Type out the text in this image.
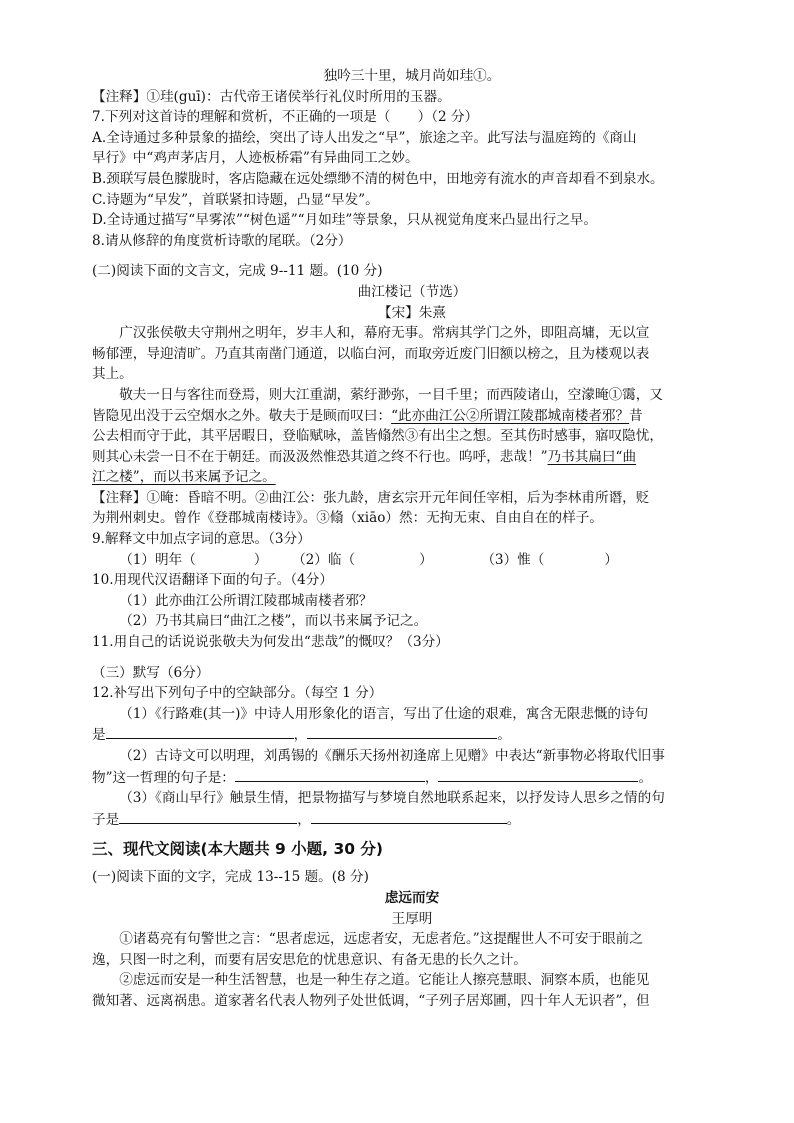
独吟三十里，城月尚如珪①。
【注释】①珪(guī)：古代帝王诸侯举行礼仪时所用的玉器。
7.下列对这首诗的理解和赏析，不正确的一项是（　　）（2 分）
A.全诗通过多种景象的描绘，突出了诗人出发之“早”，旅途之辛。此写法与温庭筠的《商山
早行》中“鸡声茅店月，人迹板桥霜”有异曲同工之妙。
B.颈联写晨色朦胧时，客店隐藏在远处缥缈不清的树色中，田地旁有流水的声音却看不到泉水。
C.诗题为“早发”，首联紧扣诗题，凸显“早发”。
D.全诗通过描写“早雾浓”“树色遥”“月如珪”等景象，只从视觉角度来凸显出行之早。
8.请从修辞的角度赏析诗歌的尾联。（2分）
(二)阅读下面的文言文，完成 9--11 题。(10 分)
曲江楼记（节选）
【宋】朱熹
广汉张侯敬夫守荆州之明年，岁丰人和，幕府无事。常病其学门之外，即阻高墉，无以宣
畅郁湮，导迎清旷。乃直其南凿门通道，以临白河，而取旁近废门旧额以榜之，且为楼观以表
其上。
敬夫一日与客往而登焉，则大江重湖，萦纡渺弥，一目千里；而西陵诸山，空濛晻①霭，又
皆隐见出没于云空烟水之外。敬夫于是顾而叹曰：“此亦曲江公②所谓江陵郡城南楼者邪？昔
公去相而守于此，其平居暇日，登临赋咏，盖皆翛然③有出尘之想。至其伤时感事，寤叹隐忧，
则其心未尝一日不在于朝廷。而汲汲然惟恐其道之终不行也。呜呼，悲哉！”乃书其扁曰“曲
江之楼”，而以书来属予记之。
【注释】①晻：昏暗不明。②曲江公：张九龄，唐玄宗开元年间任宰相，后为李林甫所谮，贬
为荆州刺史。曾作《登郡城南楼诗》。③翛（xiāo）然：无拘无束、自由自在的样子。
9.解释文中加点字词的意思。（3分）
（1）明年（	） （2）临（	）	（3）惟（	）
10.用现代汉语翻译下面的句子。（4分）
（1）此亦曲江公所谓江陵郡城南楼者邪？
（2）乃书其扁曰“曲江之楼”，而以书来属予记之。
11.用自己的话说说张敬夫为何发出“悲哉”的慨叹？（3分）
（三）默写（6分）
12.补写出下列句子中的空缺部分。（每空 1 分）
（1）《行路难(其一)》中诗人用形象化的语言，写出了仕途的艰难，寓含无限悲慨的诗句
是	，	。
（2）古诗文可以明理，刘禹锡的《酬乐天扬州初逢席上见赠》中表达“新事物必将取代旧事
物”这一哲理的句子是：	，	。
（3）《商山早行》触景生情，把景物描写与梦境自然地联系起来，以抒发诗人思乡之情的句
子是	，	。
三、现代文阅读(本大题共 9 小题, 30 分)
(一)阅读下面的文字，完成 13--15 题。(8 分)
虑远而安
王厚明
①诸葛亮有句警世之言：“思者虑远，远虑者安，无虑者危。”这提醒世人不可安于眼前之
逸，只图一时之利，而要有居安思危的忧患意识、有备无患的长久之计。
②虑远而安是一种生活智慧，也是一种生存之道。它能让人擦亮慧眼、洞察本质，也能见
微知著、远离祸患。道家著名代表人物列子处世低调，“子列子居郑圃，四十年人无识者”，但
